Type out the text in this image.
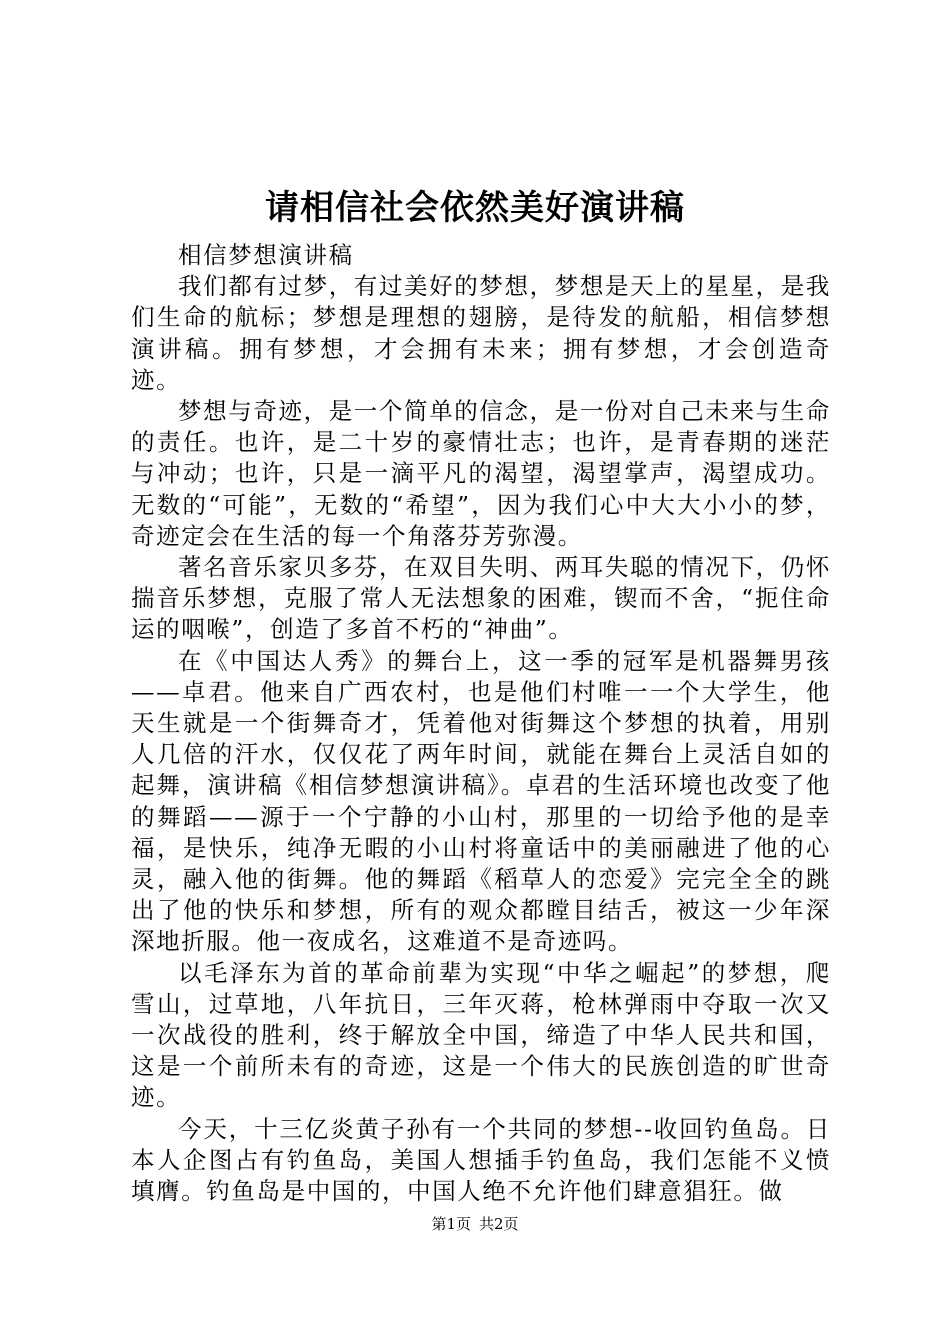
请相信社会依然美好演讲稿

相信梦想演讲稿

我们都有过梦，有过美好的梦想，梦想是天上的星星，是我们生命的航标；梦想是理想的翅膀，是待发的航船，相信梦想演讲稿。拥有梦想，才会拥有未来；拥有梦想，才会创造奇迹。

梦想与奇迹，是一个简单的信念，是一份对自己未来与生命的责任。也许，是二十岁的豪情壮志；也许，是青春期的迷茫与冲动；也许，只是一滴平凡的渴望，渴望掌声，渴望成功。无数的“可能”，无数的“希望”，因为我们心中大大小小的梦，奇迹定会在生活的每一个角落芬芳弥漫。

著名音乐家贝多芬，在双目失明、两耳失聪的情况下，仍怀揣音乐梦想，克服了常人无法想象的困难，锲而不舍，“扼住命运的咽喉”，创造了多首不朽的“神曲”。

在《中国达人秀》的舞台上，这一季的冠军是机器舞男孩——卓君。他来自广西农村，也是他们村唯一一个大学生，他天生就是一个街舞奇才，凭着他对街舞这个梦想的执着，用别人几倍的汗水，仅仅花了两年时间，就能在舞台上灵活自如的起舞，演讲稿《相信梦想演讲稿》。卓君的生活环境也改变了他的舞蹈——源于一个宁静的小山村，那里的一切给予他的是幸福，是快乐，纯净无暇的小山村将童话中的美丽融进了他的心灵，融入他的街舞。他的舞蹈《稻草人的恋爱》完完全全的跳出了他的快乐和梦想，所有的观众都瞠目结舌，被这一少年深深地折服。他一夜成名，这难道不是奇迹吗。

以毛泽东为首的革命前辈为实现“中华之崛起”的梦想，爬雪山，过草地，八年抗日，三年灭蒋，枪林弹雨中夺取一次又一次战役的胜利，终于解放全中国，缔造了中华人民共和国，这是一个前所未有的奇迹，这是一个伟大的民族创造的旷世奇迹。

今天，十三亿炎黄子孙有一个共同的梦想--收回钓鱼岛。日本人企图占有钓鱼岛，美国人想插手钓鱼岛，我们怎能不义愤填膺。钓鱼岛是中国的，中国人绝不允许他们肆意猖狂。做

第1页 共2页
